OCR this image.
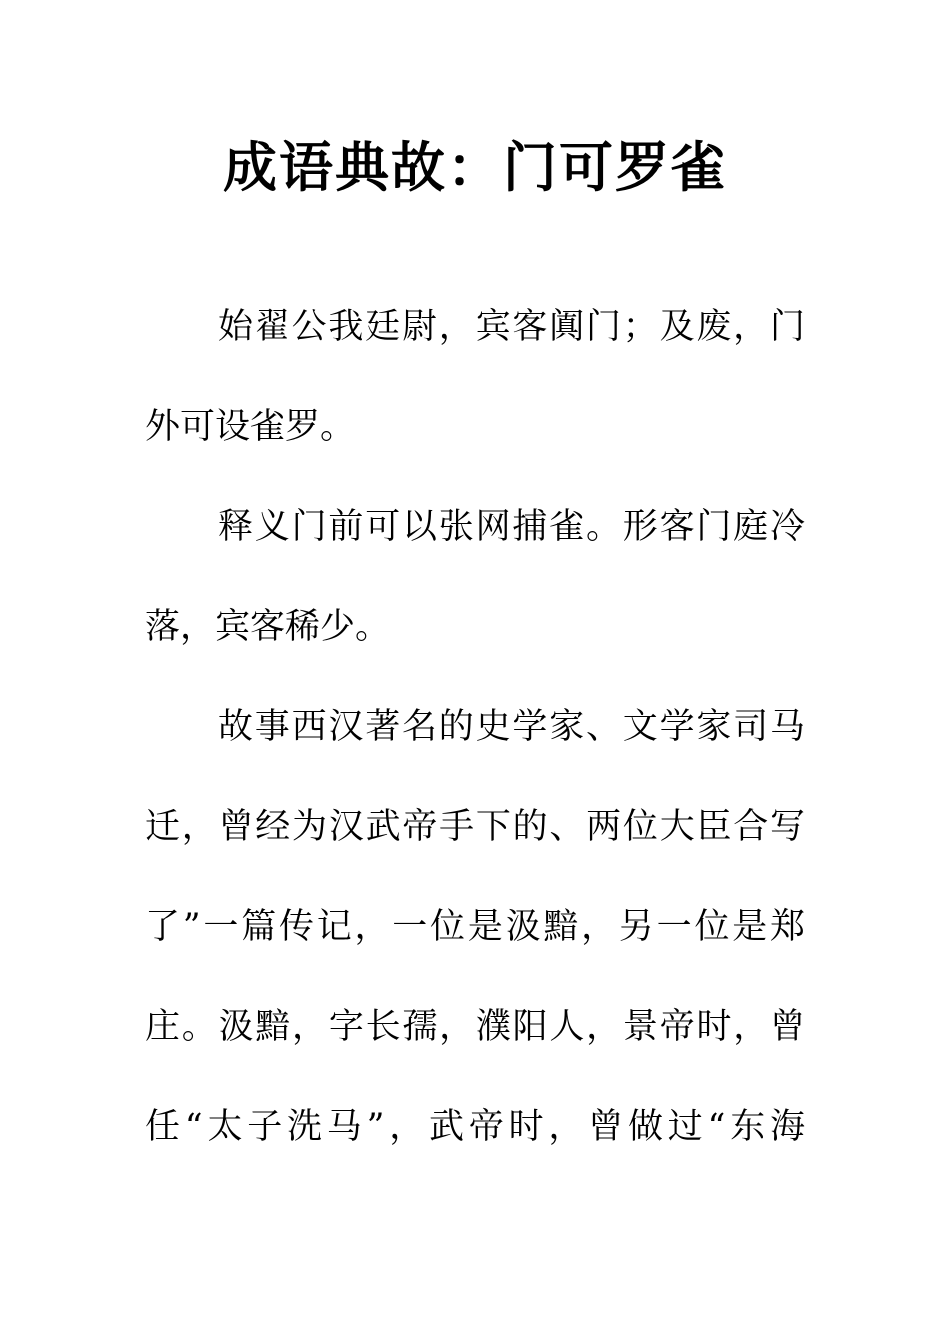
成语典故：门可罗雀
始翟公我廷尉，宾客阗门；及废，门
外可设雀罗。
释义门前可以张网捕雀。形客门庭冷
落，宾客稀少。
故事西汉著名的史学家、文学家司马
迁，曾经为汉武帝手下的、两位大臣合写
了”一篇传记，一位是汲黯，另一位是郑
庄。汲黯，字长孺，濮阳人，景帝时，曾
任“太子洗马”，武帝时，曾做过“东海
